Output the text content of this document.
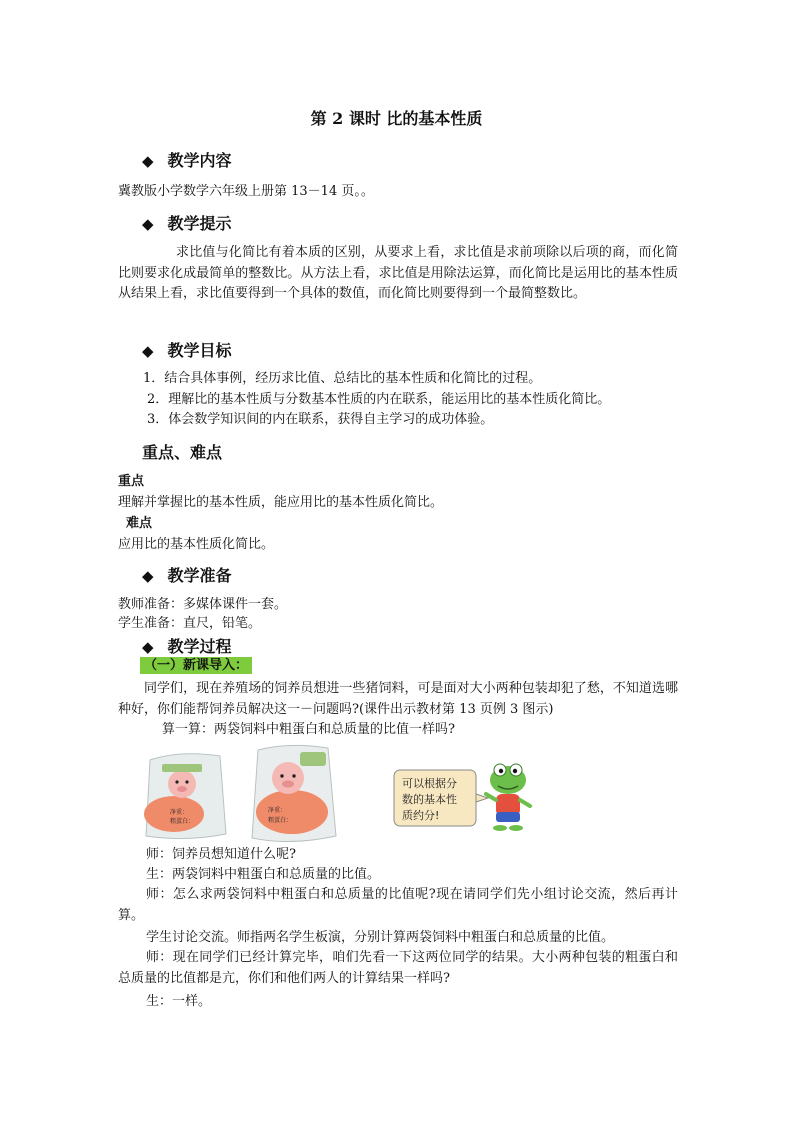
第 2 课时 比的基本性质
◆ 教学内容
冀教版小学数学六年级上册第 13－14 页。。
◆ 教学提示
求比值与化简比有着本质的区别，从要求上看，求比值是求前项除以后项的商，而化简比则要求化成最简单的整数比。从方法上看，求比值是用除法运算，而化简比是运用比的基本性质从结果上看，求比值要得到一个具体的数值，而化简比则要得到一个最简整数比。
◆ 教学目标
1．结合具体事例，经历求比值、总结比的基本性质和化简比的过程。
2．理解比的基本性质与分数基本性质的内在联系，能运用比的基本性质化简比。
3．体会数学知识间的内在联系，获得自主学习的成功体验。
重点、难点
重点
理解并掌握比的基本性质，能应用比的基本性质化简比。
难点
应用比的基本性质化简比。
◆ 教学准备
教师准备：多媒体课件一套。
学生准备：直尺，铅笔。
◆ 教学过程
（一）新课导入：
同学们，现在养殖场的饲养员想进一些猪饲料，可是面对大小两种包装却犯了愁，不知道选哪种好，你们能帮饲养员解决这一－问题吗?(课件出示教材第 13 页例 3 图示)
算一算：两袋饲料中粗蛋白和总质量的比值一样吗?
净重：
粗蛋白：
净重：
粗蛋白：
可以根据分
数的基本性
质约分!
师：饲养员想知道什么呢?
生：两袋饲料中粗蛋白和总质量的比值。
师：怎么求两袋饲料中粗蛋白和总质量的比值呢?现在请同学们先小组讨论交流，然后再计算。
学生讨论交流。师指两名学生板演，分别计算两袋饲料中粗蛋白和总质量的比值。
师：现在同学们已经计算完毕，咱们先看一下这两位同学的结果。大小两种包装的粗蛋白和总质量的比值都是亢，你们和他们两人的计算结果一样吗?
生：一样。
